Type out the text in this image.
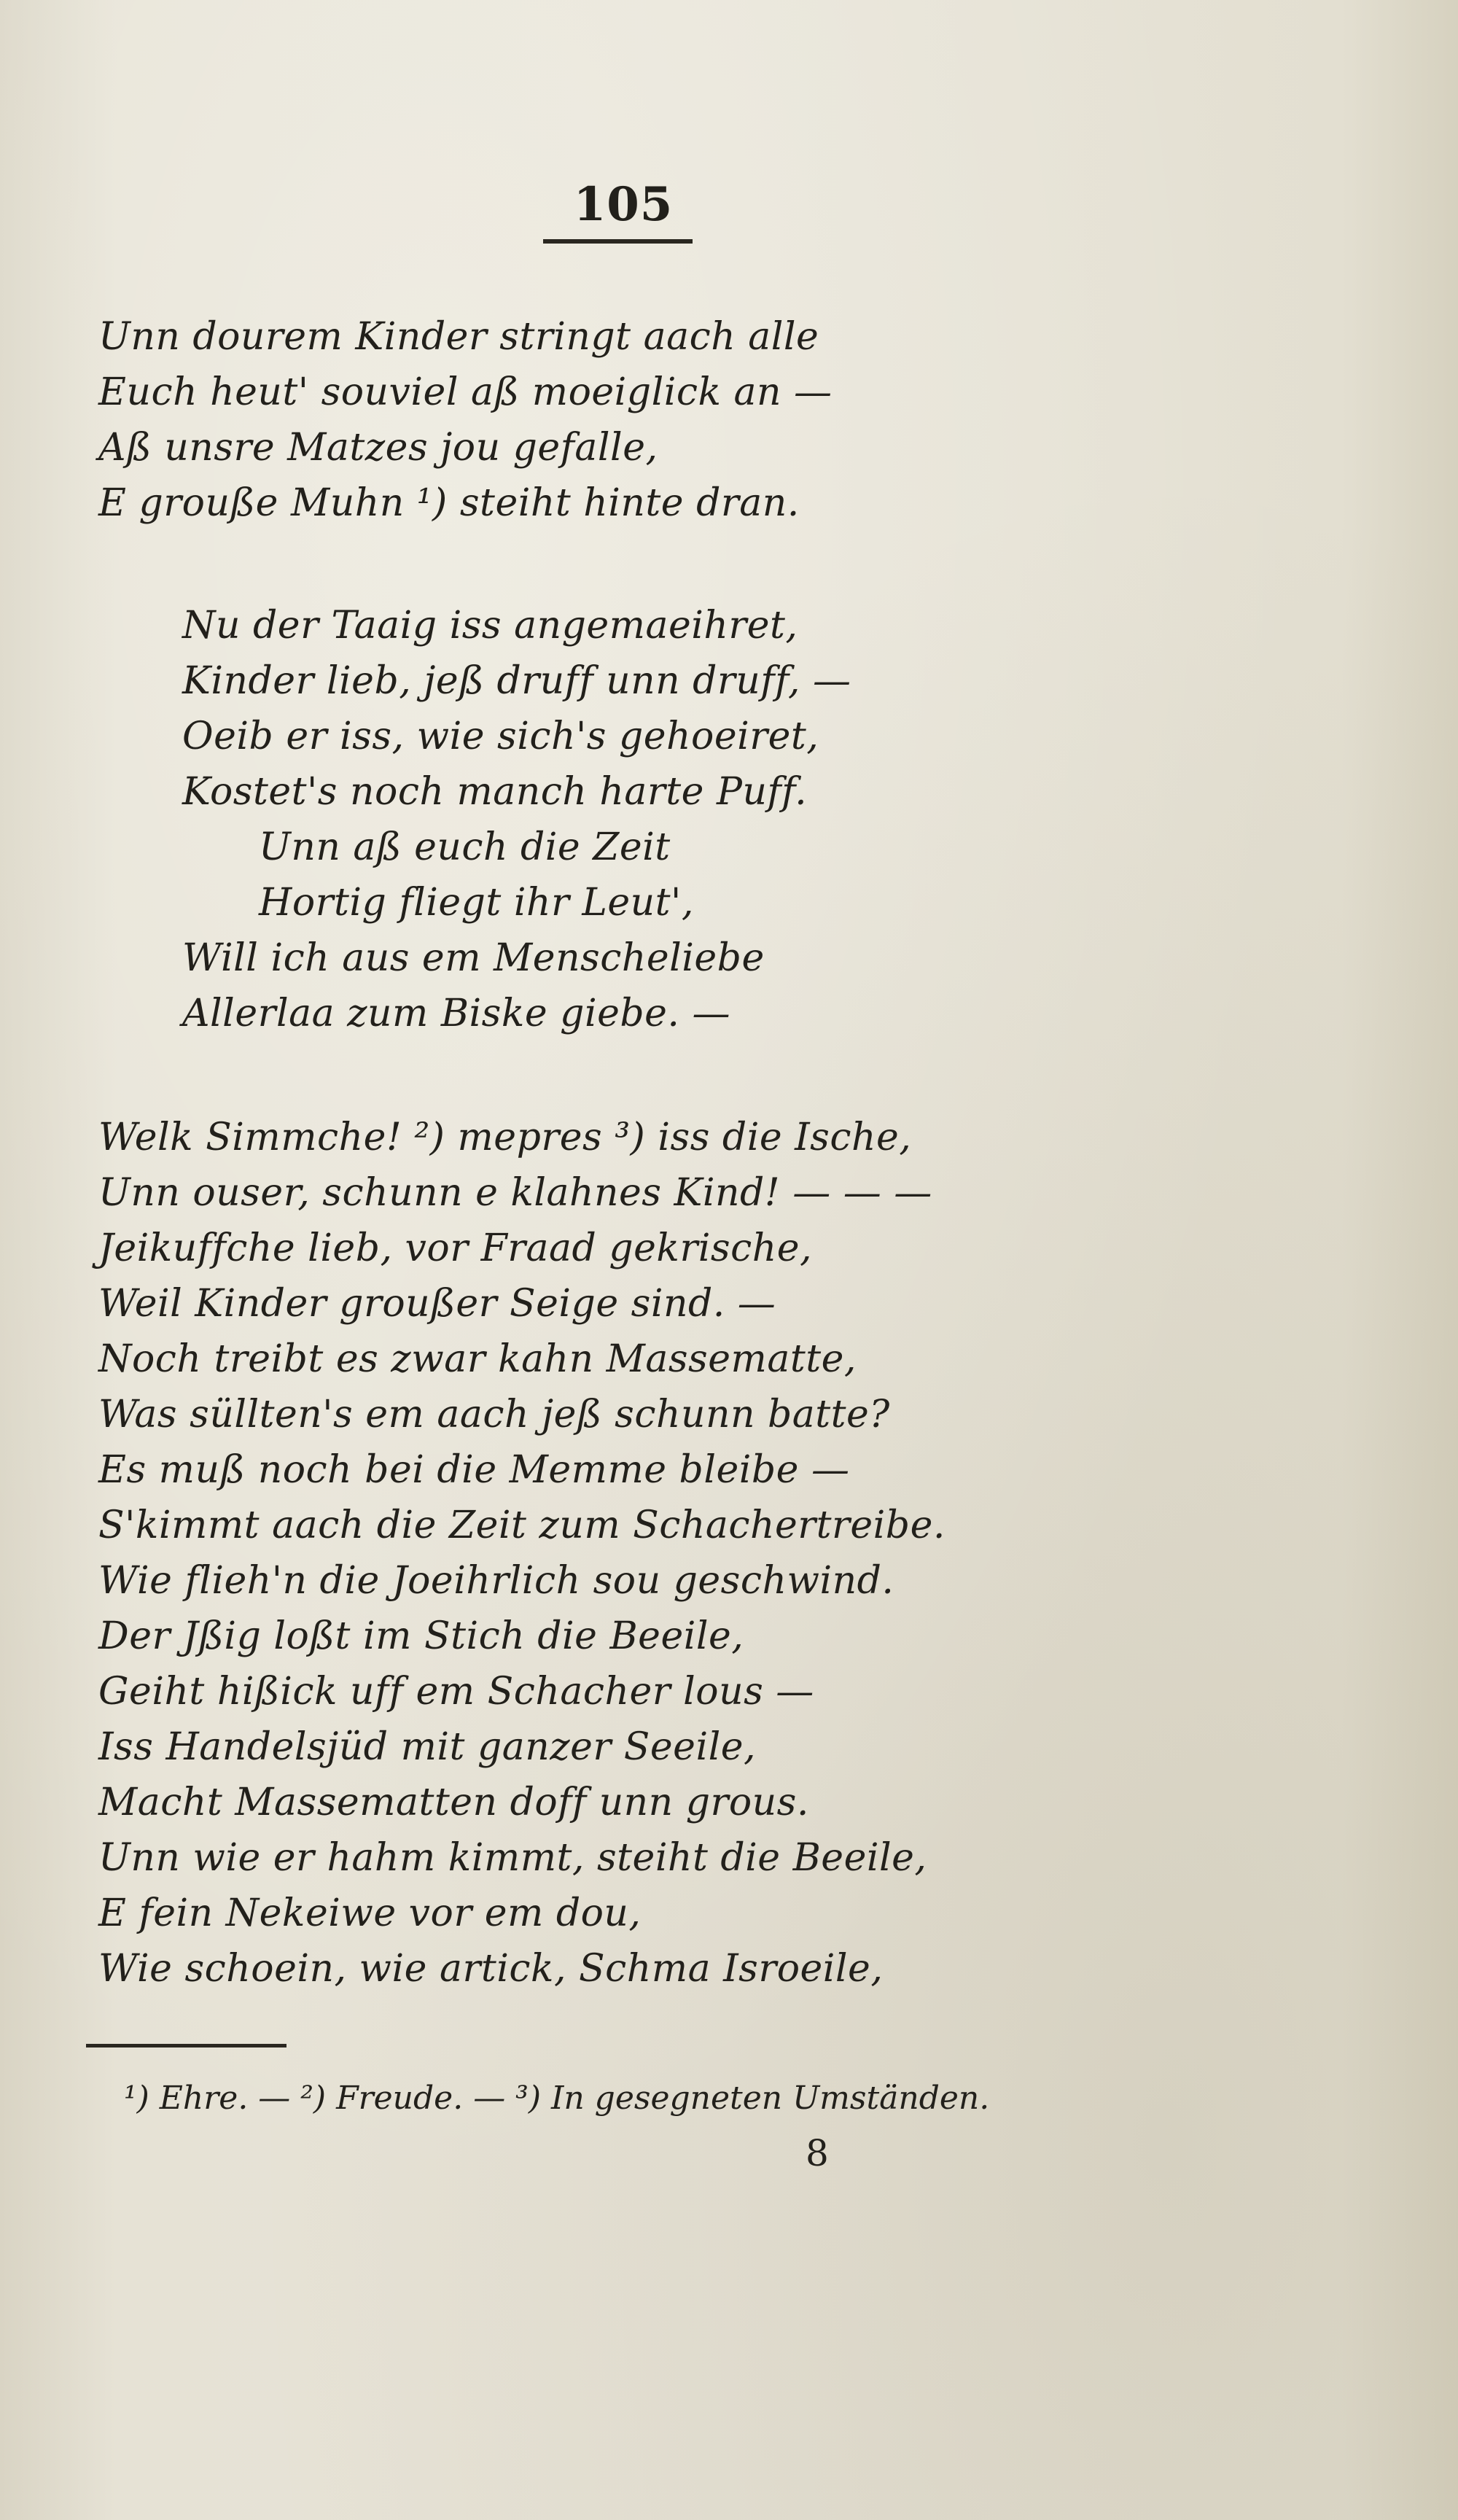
105
Unn dourem Kinder stringt aach alle
Euch heut' souviel aß moeiglick an —
Aß unsre Matzes jou gefalle,
E grouße Muhn ¹) steiht hinte dran.
Nu der Taaig iss angemaeihret,
Kinder lieb, jeß druff unn druff, —
Oeib er iss, wie sich's gehoeiret,
Kostet's noch manch harte Puff.
Unn aß euch die Zeit
Hortig fliegt ihr Leut',
Will ich aus em Menscheliebe
Allerlaa zum Biske giebe. —
Welk Simmche! ²) mepres ³) iss die Ische,
Unn ouser, schunn e klahnes Kind! — — —
Jeikuffche lieb, vor Fraad gekrische,
Weil Kinder groußer Seige sind. —
Noch treibt es zwar kahn Massematte,
Was süllten's em aach jeß schunn batte?
Es muß noch bei die Memme bleibe —
S'kimmt aach die Zeit zum Schachertreibe.
Wie flieh'n die Joeihrlich sou geschwind.
Der Jßig loßt im Stich die Beeile,
Geiht hißick uff em Schacher lous —
Iss Handelsjüd mit ganzer Seeile,
Macht Massematten doff unn grous.
Unn wie er hahm kimmt, steiht die Beeile,
E fein Nekeiwe vor em dou,
Wie schoein, wie artick, Schma Isroeile,
¹) Ehre. — ²) Freude. — ³) In gesegneten Umständen.
8
